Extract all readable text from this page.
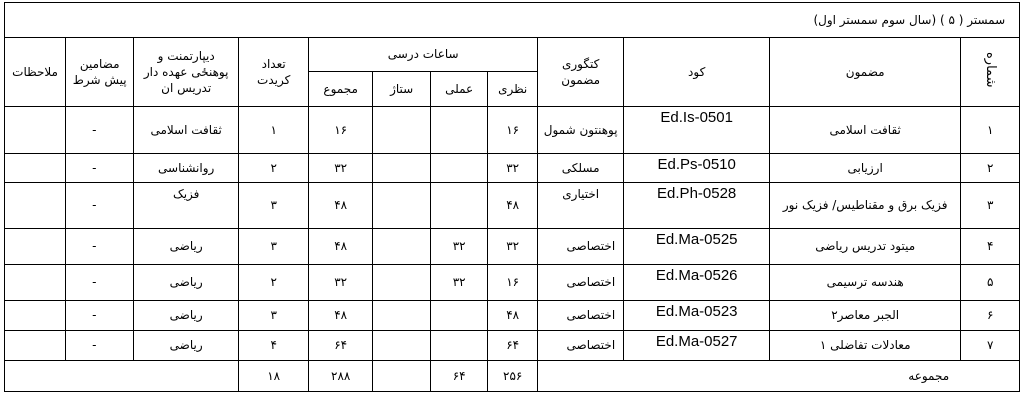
سمستر ( ۵ ) (سال سوم سمستر اول)											
شماره	مضمون	کود	کتگوری مضمون	ساعات درسی				تعداد کریدت	دیپارتمنت و پوهنځی عهده دار تدریس ان	مضامین پیش شرط	ملاحظات
				نظری	عملی	ستاژ	مجموع				
۱	ثقافت اسلامی	Ed.Is-0501	پوهنتون شمول	۱۶			۱۶	۱	ثقافت اسلامی	-	
۲	ارزیابی	Ed.Ps-0510	مسلکی	۳۲			۳۲	۲	روانشناسی	-	
۳	فزیک برق و مقناطیس/ فزیک نور	Ed.Ph-0528	اختیاری	۴۸			۴۸	۳	فزیک	-	
۴	میتود تدریس ریاضی	Ed.Ma-0525	اختصاصی	۳۲	۳۲		۴۸	۳	ریاضی	-	
۵	هندسه ترسیمی	Ed.Ma-0526	اختصاصی	۱۶	۳۲		۳۲	۲	ریاضی	-	
۶	الجبر معاصر۲	Ed.Ma-0523	اختصاصی	۴۸			۴۸	۳	ریاضی	-	
۷	معادلات تفاضلی ۱	Ed.Ma-0527	اختصاصی	۶۴			۶۴	۴	ریاضی	-	
مجموعه				۲۵۶	۶۴		۲۸۸	۱۸			
